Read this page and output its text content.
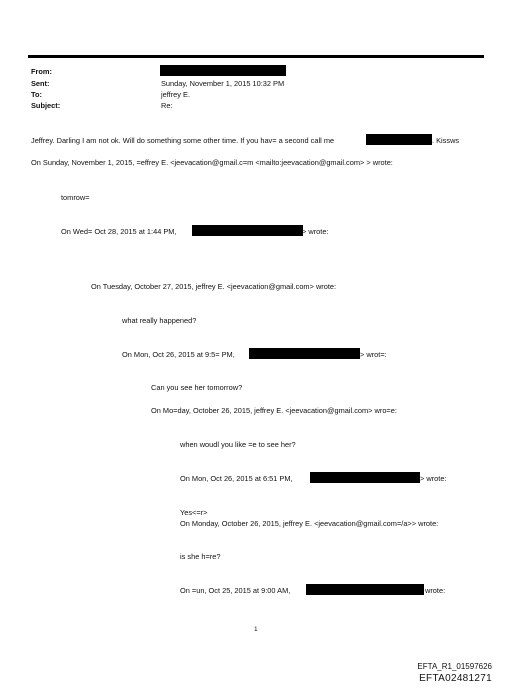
From:
Sent:	Sunday, November 1, 2015 10:32 PM
To:	jeffrey E.
Subject:	Re:
Jeffrey. Darling I am not ok. Will do something some other time. If you hav= a second call me	. Kissws
On Sunday, November 1, 2015, =effrey E. <jeevacation@gmail.c=m <mailto:jeevacation@gmail.com> > wrote:
tomrow=
On Wed= Oct 28, 2015 at 1:44 PM,	> wrote:
On Tuesday, October 27, 2015, jeffrey E. <jeevacation@gmail.com> wrote:
what really happened?
On Mon, Oct 26, 2015 at 9:5= PM,	> wrot=:
Can you see her tomorrow?
On Mo=day, October 26, 2015, jeffrey E. <jeevacation@gmail.com> wro=e:
when woudl you like =e to see her?
On Mon, Oct 26, 2015 at 6:51 PM,	> wrote:
Yes<=r>
On Monday, October 26, 2015, jeffrey E. <jeevacation@gmail.com=/a>> wrote:
is she h=re?
On =un, Oct 25, 2015 at 9:00 AM,	wrote:
1
EFTA_R1_01597626
EFTA02481271
